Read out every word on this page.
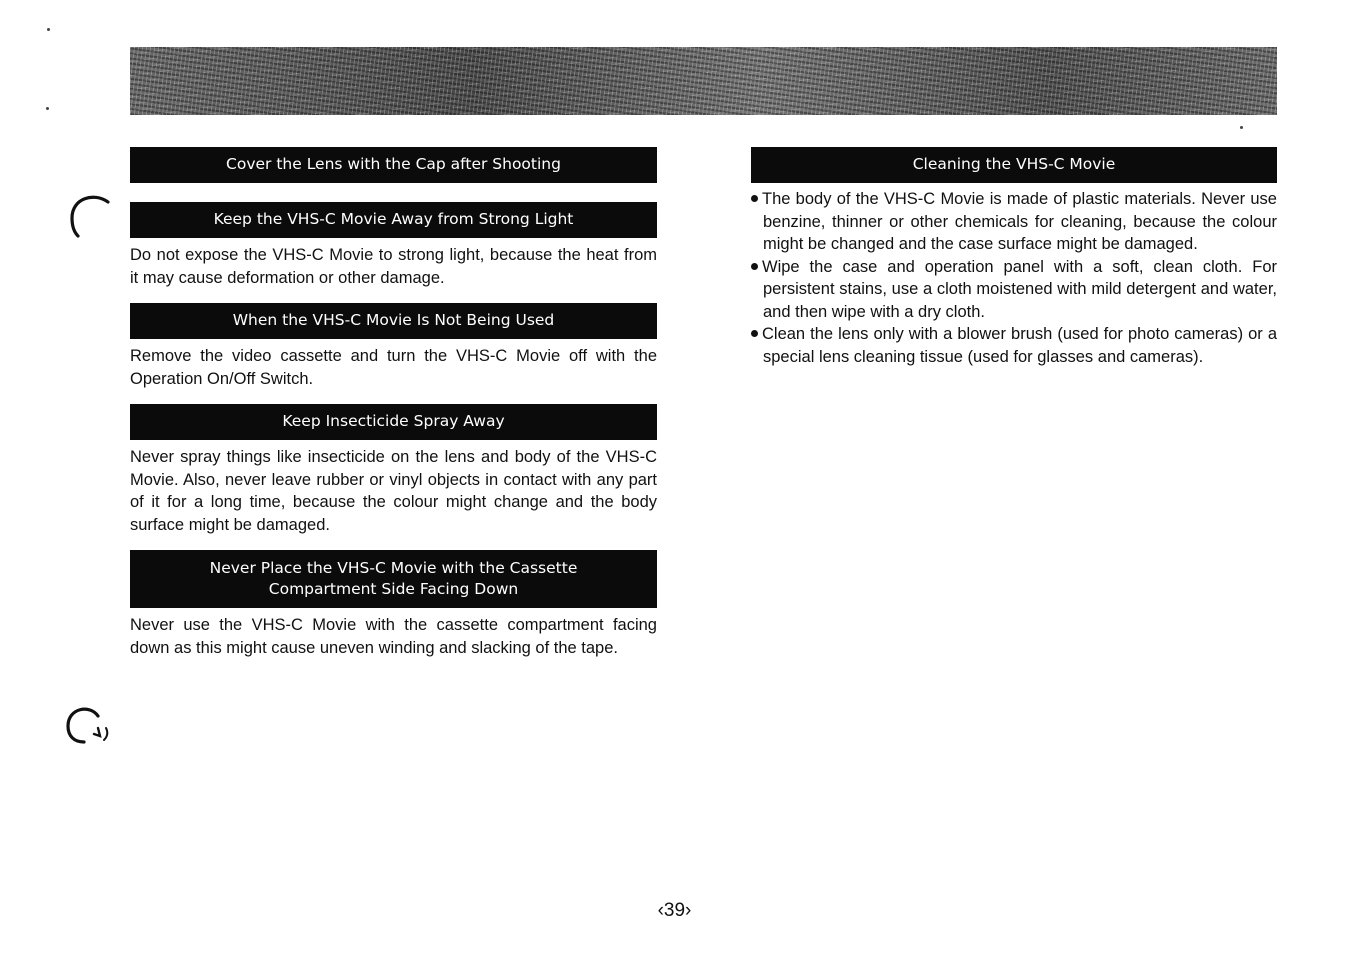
Cover the Lens with the Cap after Shooting
Keep the VHS-C Movie Away from Strong Light

Do not expose the VHS-C Movie to strong light, because the heat from it may cause deformation or other damage.

When the VHS-C Movie Is Not Being Used

Remove the video cassette and turn the VHS-C Movie off with the Operation On/Off Switch.

Keep Insecticide Spray Away

Never spray things like insecticide on the lens and body of the VHS-C Movie. Also, never leave rubber or vinyl objects in contact with any part of it for a long time, because the colour might change and the body surface might be damaged.

Never Place the VHS-C Movie with the Cassette
Compartment Side Facing Down

Never use the VHS-C Movie with the cassette compartment facing down as this might cause uneven winding and slacking of the tape.

Cleaning the VHS-C Movie
The body of the VHS-C Movie is made of plastic materials. Never use benzine, thinner or other chemicals for cleaning, because the colour might be changed and the case surface might be damaged.
Wipe the case and operation panel with a soft, clean cloth. For persistent stains, use a cloth moistened with mild detergent and water, and then wipe with a dry cloth.
Clean the lens only with a blower brush (used for photo cameras) or a special lens cleaning tissue (used for glasses and cameras).
‹39›
